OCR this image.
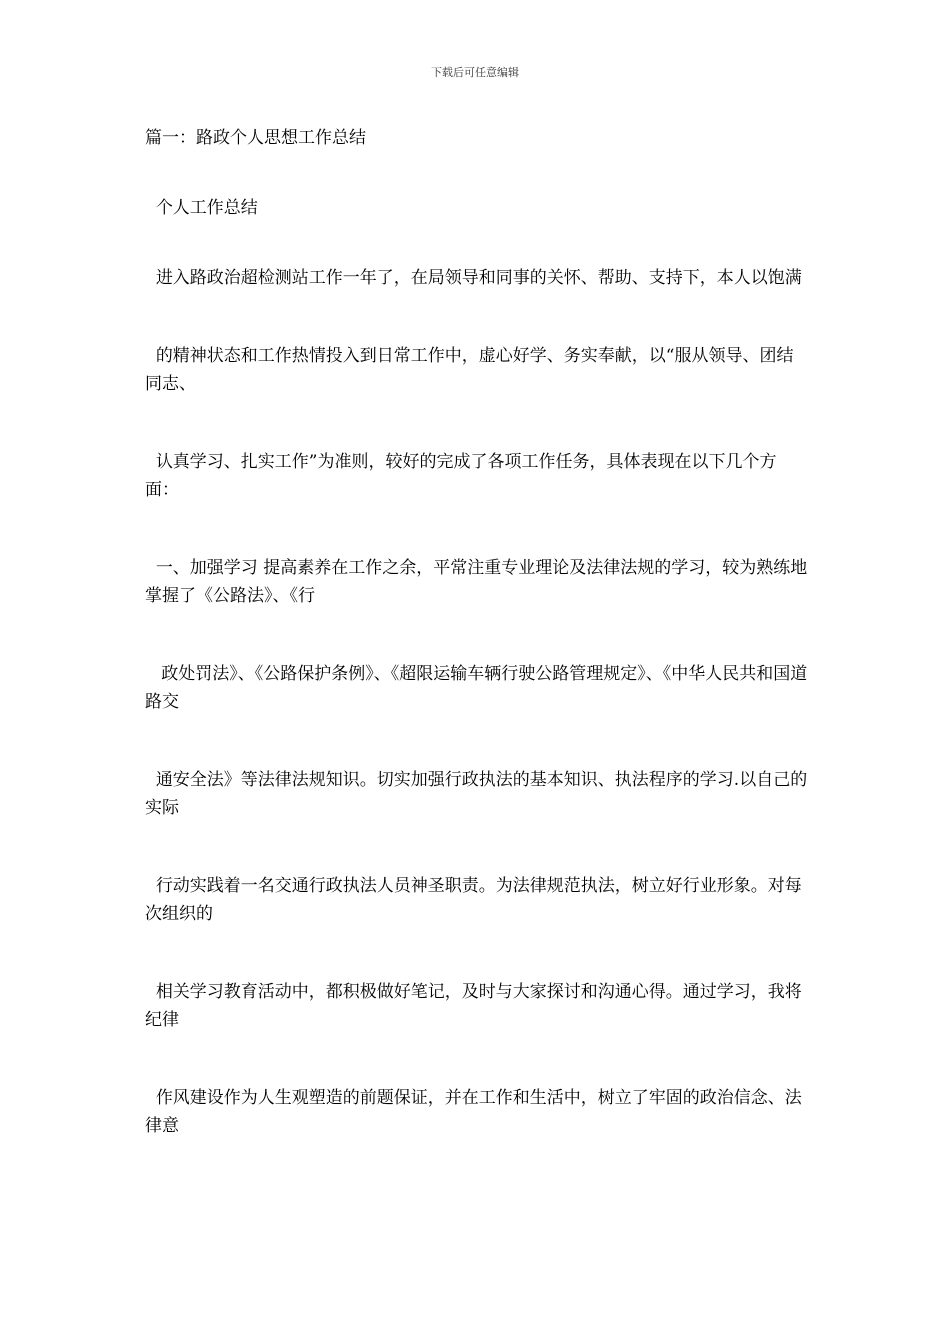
下载后可任意编辑

篇一：路政个人思想工作总结

个人工作总结

进入路政治超检测站工作一年了，在局领导和同事的关怀、帮助、支持下，本人以饱满

的精神状态和工作热情投入到日常工作中，虚心好学、务实奉献，以“服从领导、团结同志、

认真学习、扎实工作”为准则，较好的完成了各项工作任务，具体表现在以下几个方面：

一、加强学习 提高素养在工作之余，平常注重专业理论及法律法规的学习，较为熟练地掌握了《公路法》、《行

政处罚法》、《公路保护条例》、《超限运输车辆行驶公路管理规定》、《中华人民共和国道路交

通安全法》等法律法规知识。切实加强行政执法的基本知识、执法程序的学习.以自己的实际

行动实践着一名交通行政执法人员神圣职责。为法律规范执法，树立好行业形象。对每次组织的

相关学习教育活动中，都积极做好笔记，及时与大家探讨和沟通心得。通过学习，我将纪律

作风建设作为人生观塑造的前题保证，并在工作和生活中，树立了牢固的政治信念、法律意
